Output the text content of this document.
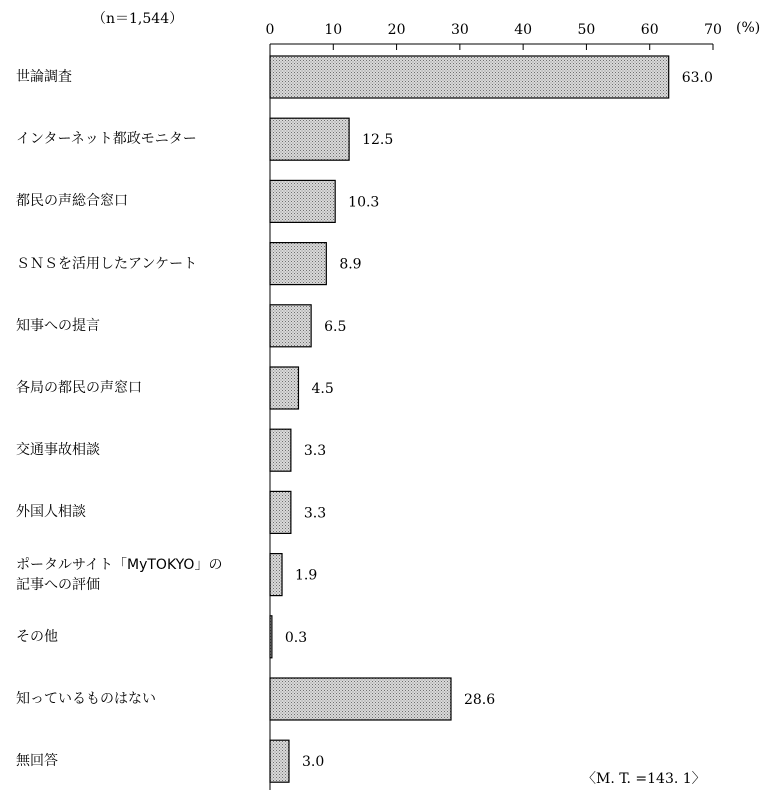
（n＝1,544）
(%)
0	10	20	30	40	50	60	70
63.0
12.5
10.3
8.9
6.5
4.5
3.3
3.3
1.9
0.3
28.6
3.0
世論調査
インターネット都政モニター
都民の声総合窓口
ＳＮＳを活用したアンケート
知事への提言
各局の都民の声窓口
交通事故相談
外国人相談
ポータルサイト「MyTOKYO」の
記事への評価
その他
知っているものはない
無回答
〈M. T. =143. 1〉
